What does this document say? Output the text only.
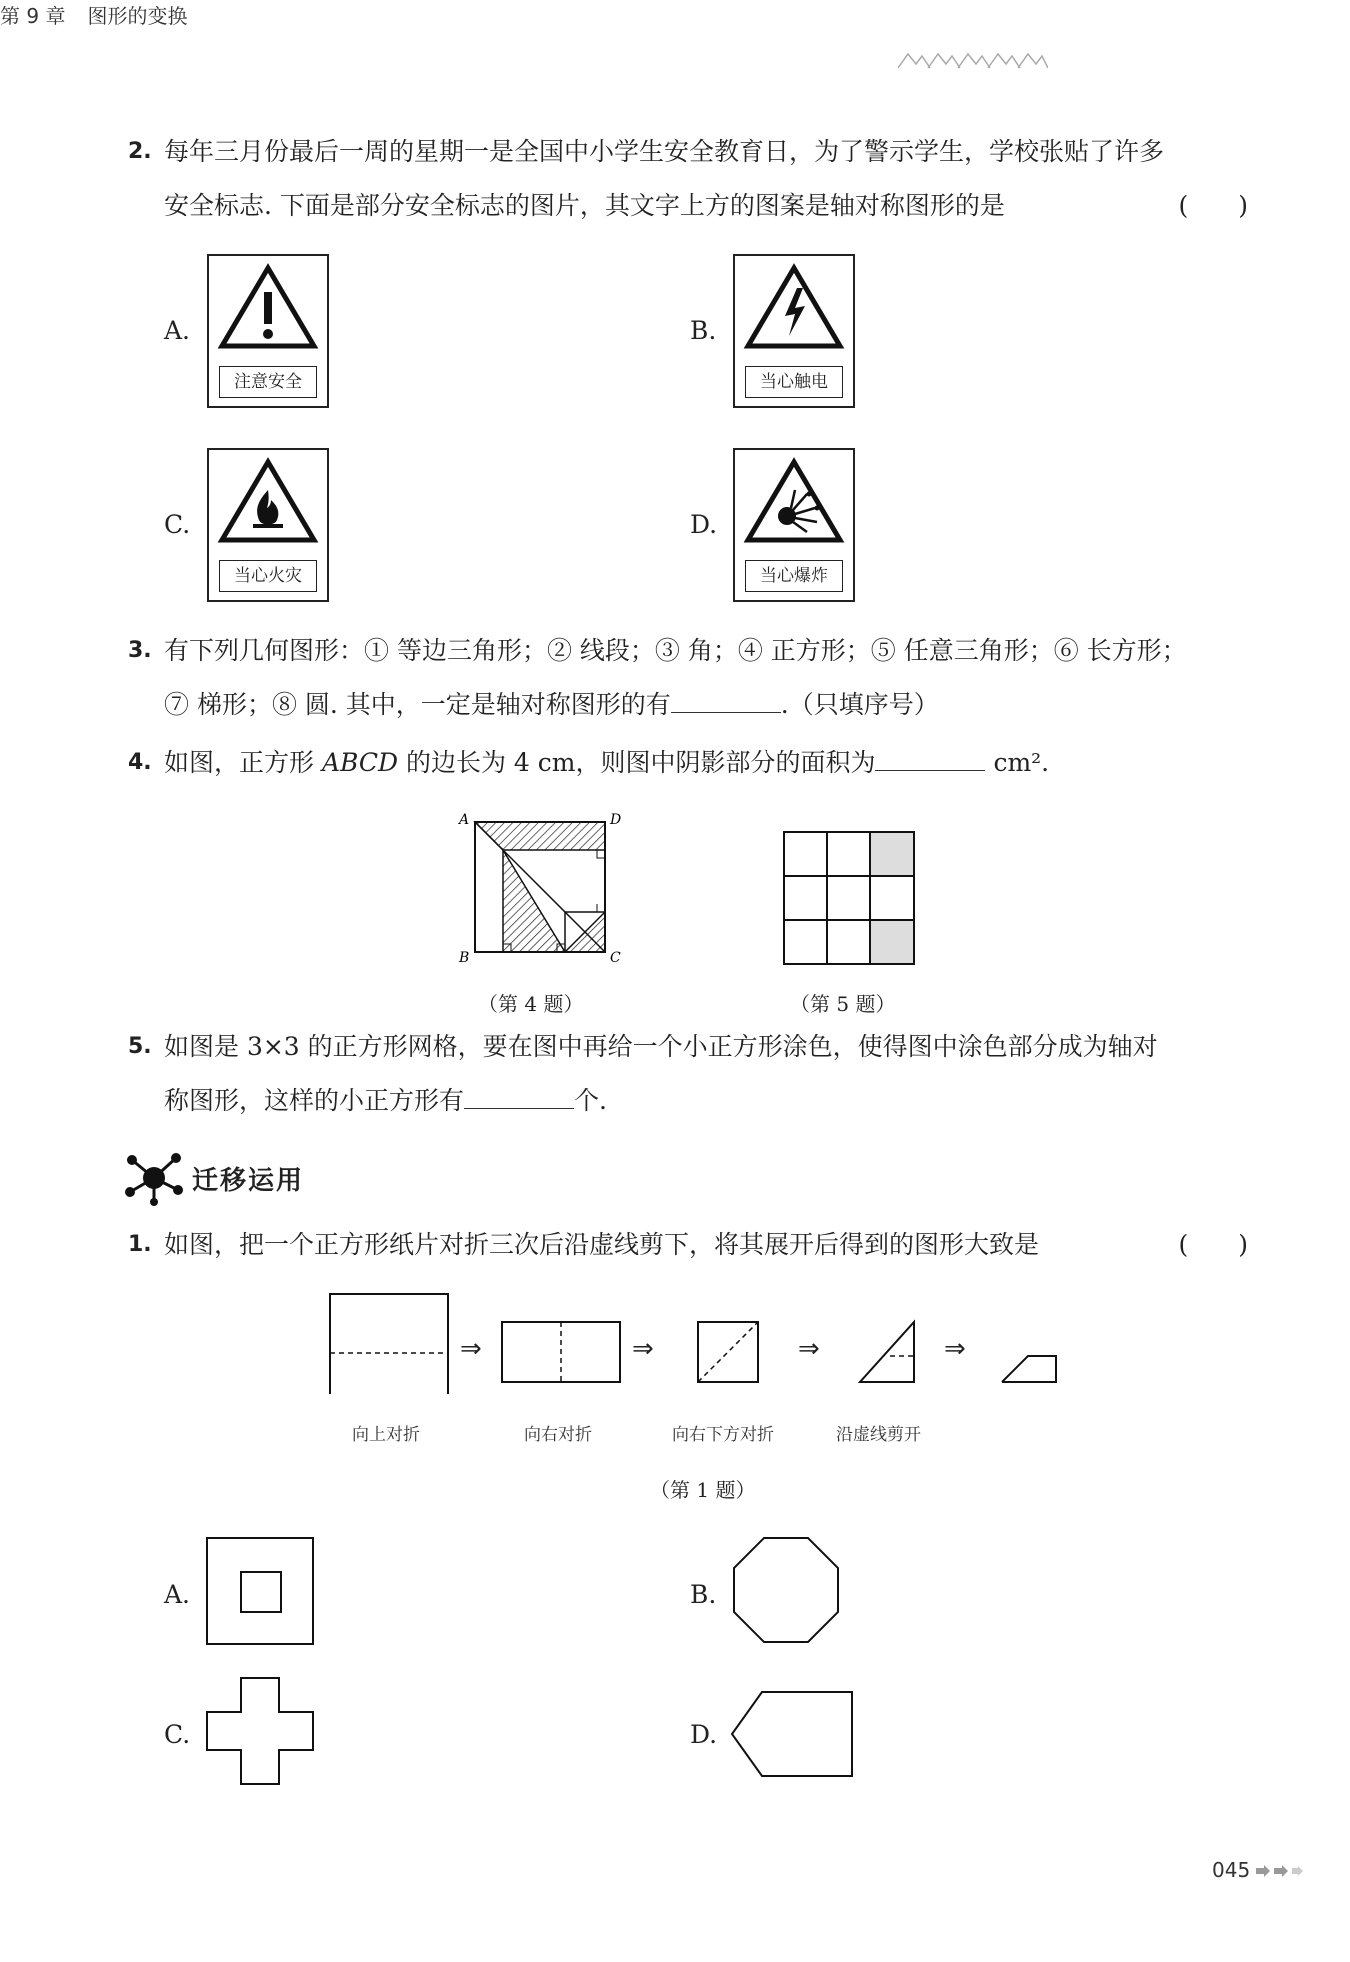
第 9 章 图形的变换
2. 每年三月份最后一周的星期一是全国中小学生安全教育日，为了警示学生，学校张贴了许多
安全标志. 下面是部分安全标志的图片，其文字上方的图案是轴对称图形的是	(　　)
A.
注意安全
B.
当心触电
C.
当心火灾
D.
当心爆炸
3. 有下列几何图形：① 等边三角形；② 线段；③ 角；④ 正方形；⑤ 任意三角形；⑥ 长方形；
⑦ 梯形；⑧ 圆. 其中，一定是轴对称图形的有	.（只填序号）
4. 如图，正方形 ABCD 的边长为 4 cm，则图中阴影部分的面积为	cm².
A	D
B	C
（第 4 题）	（第 5 题）
5. 如图是 3×3 的正方形网格，要在图中再给一个小正方形涂色，使得图中涂色部分成为轴对
称图形，这样的小正方形有	个.
迁移运用
1. 如图，把一个正方形纸片对折三次后沿虚线剪下，将其展开后得到的图形大致是	(　　)
⇒	⇒	⇒	⇒
向上对折	向右对折	向右下方对折	沿虚线剪开
（第 1 题）
A.	B.
C.	D.
045
